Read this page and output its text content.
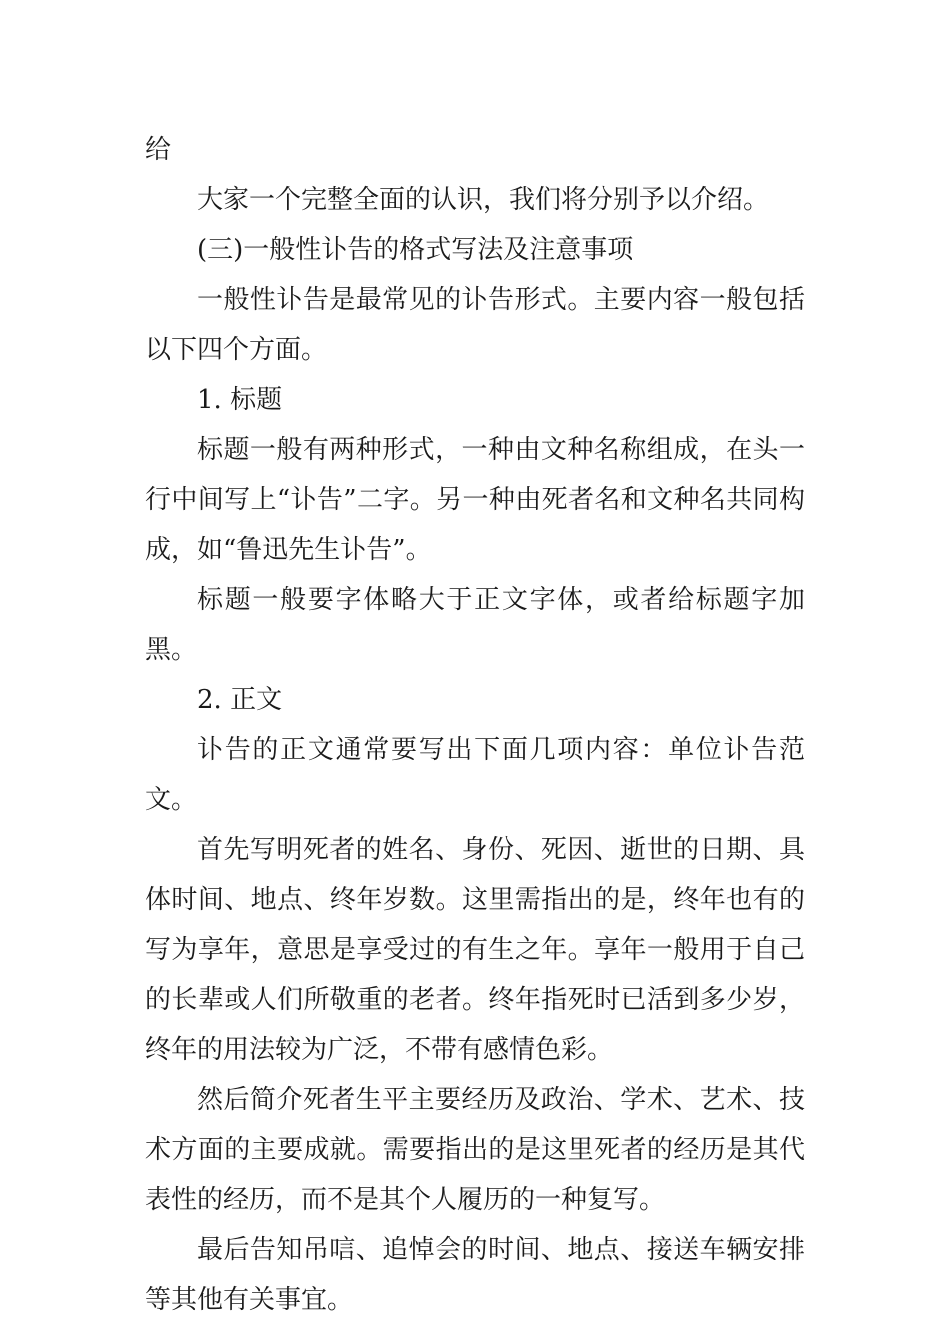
给

大家一个完整全面的认识，我们将分别予以介绍。

(三)一般性讣告的格式写法及注意事项

一般性讣告是最常见的讣告形式。主要内容一般包括以下四个方面。

1. 标题

标题一般有两种形式，一种由文种名称组成，在头一行中间写上“讣告”二字。另一种由死者名和文种名共同构成，如“鲁迅先生讣告”。

标题一般要字体略大于正文字体，或者给标题字加黑。

2. 正文

讣告的正文通常要写出下面几项内容：单位讣告范文。

首先写明死者的姓名、身份、死因、逝世的日期、具体时间、地点、终年岁数。这里需指出的是，终年也有的写为享年，意思是享受过的有生之年。享年一般用于自己的长辈或人们所敬重的老者。终年指死时已活到多少岁，终年的用法较为广泛，不带有感情色彩。

然后简介死者生平主要经历及政治、学术、艺术、技术方面的主要成就。需要指出的是这里死者的经历是其代表性的经历，而不是其个人履历的一种复写。

最后告知吊唁、追悼会的时间、地点、接送车辆安排等其他有关事宜。
